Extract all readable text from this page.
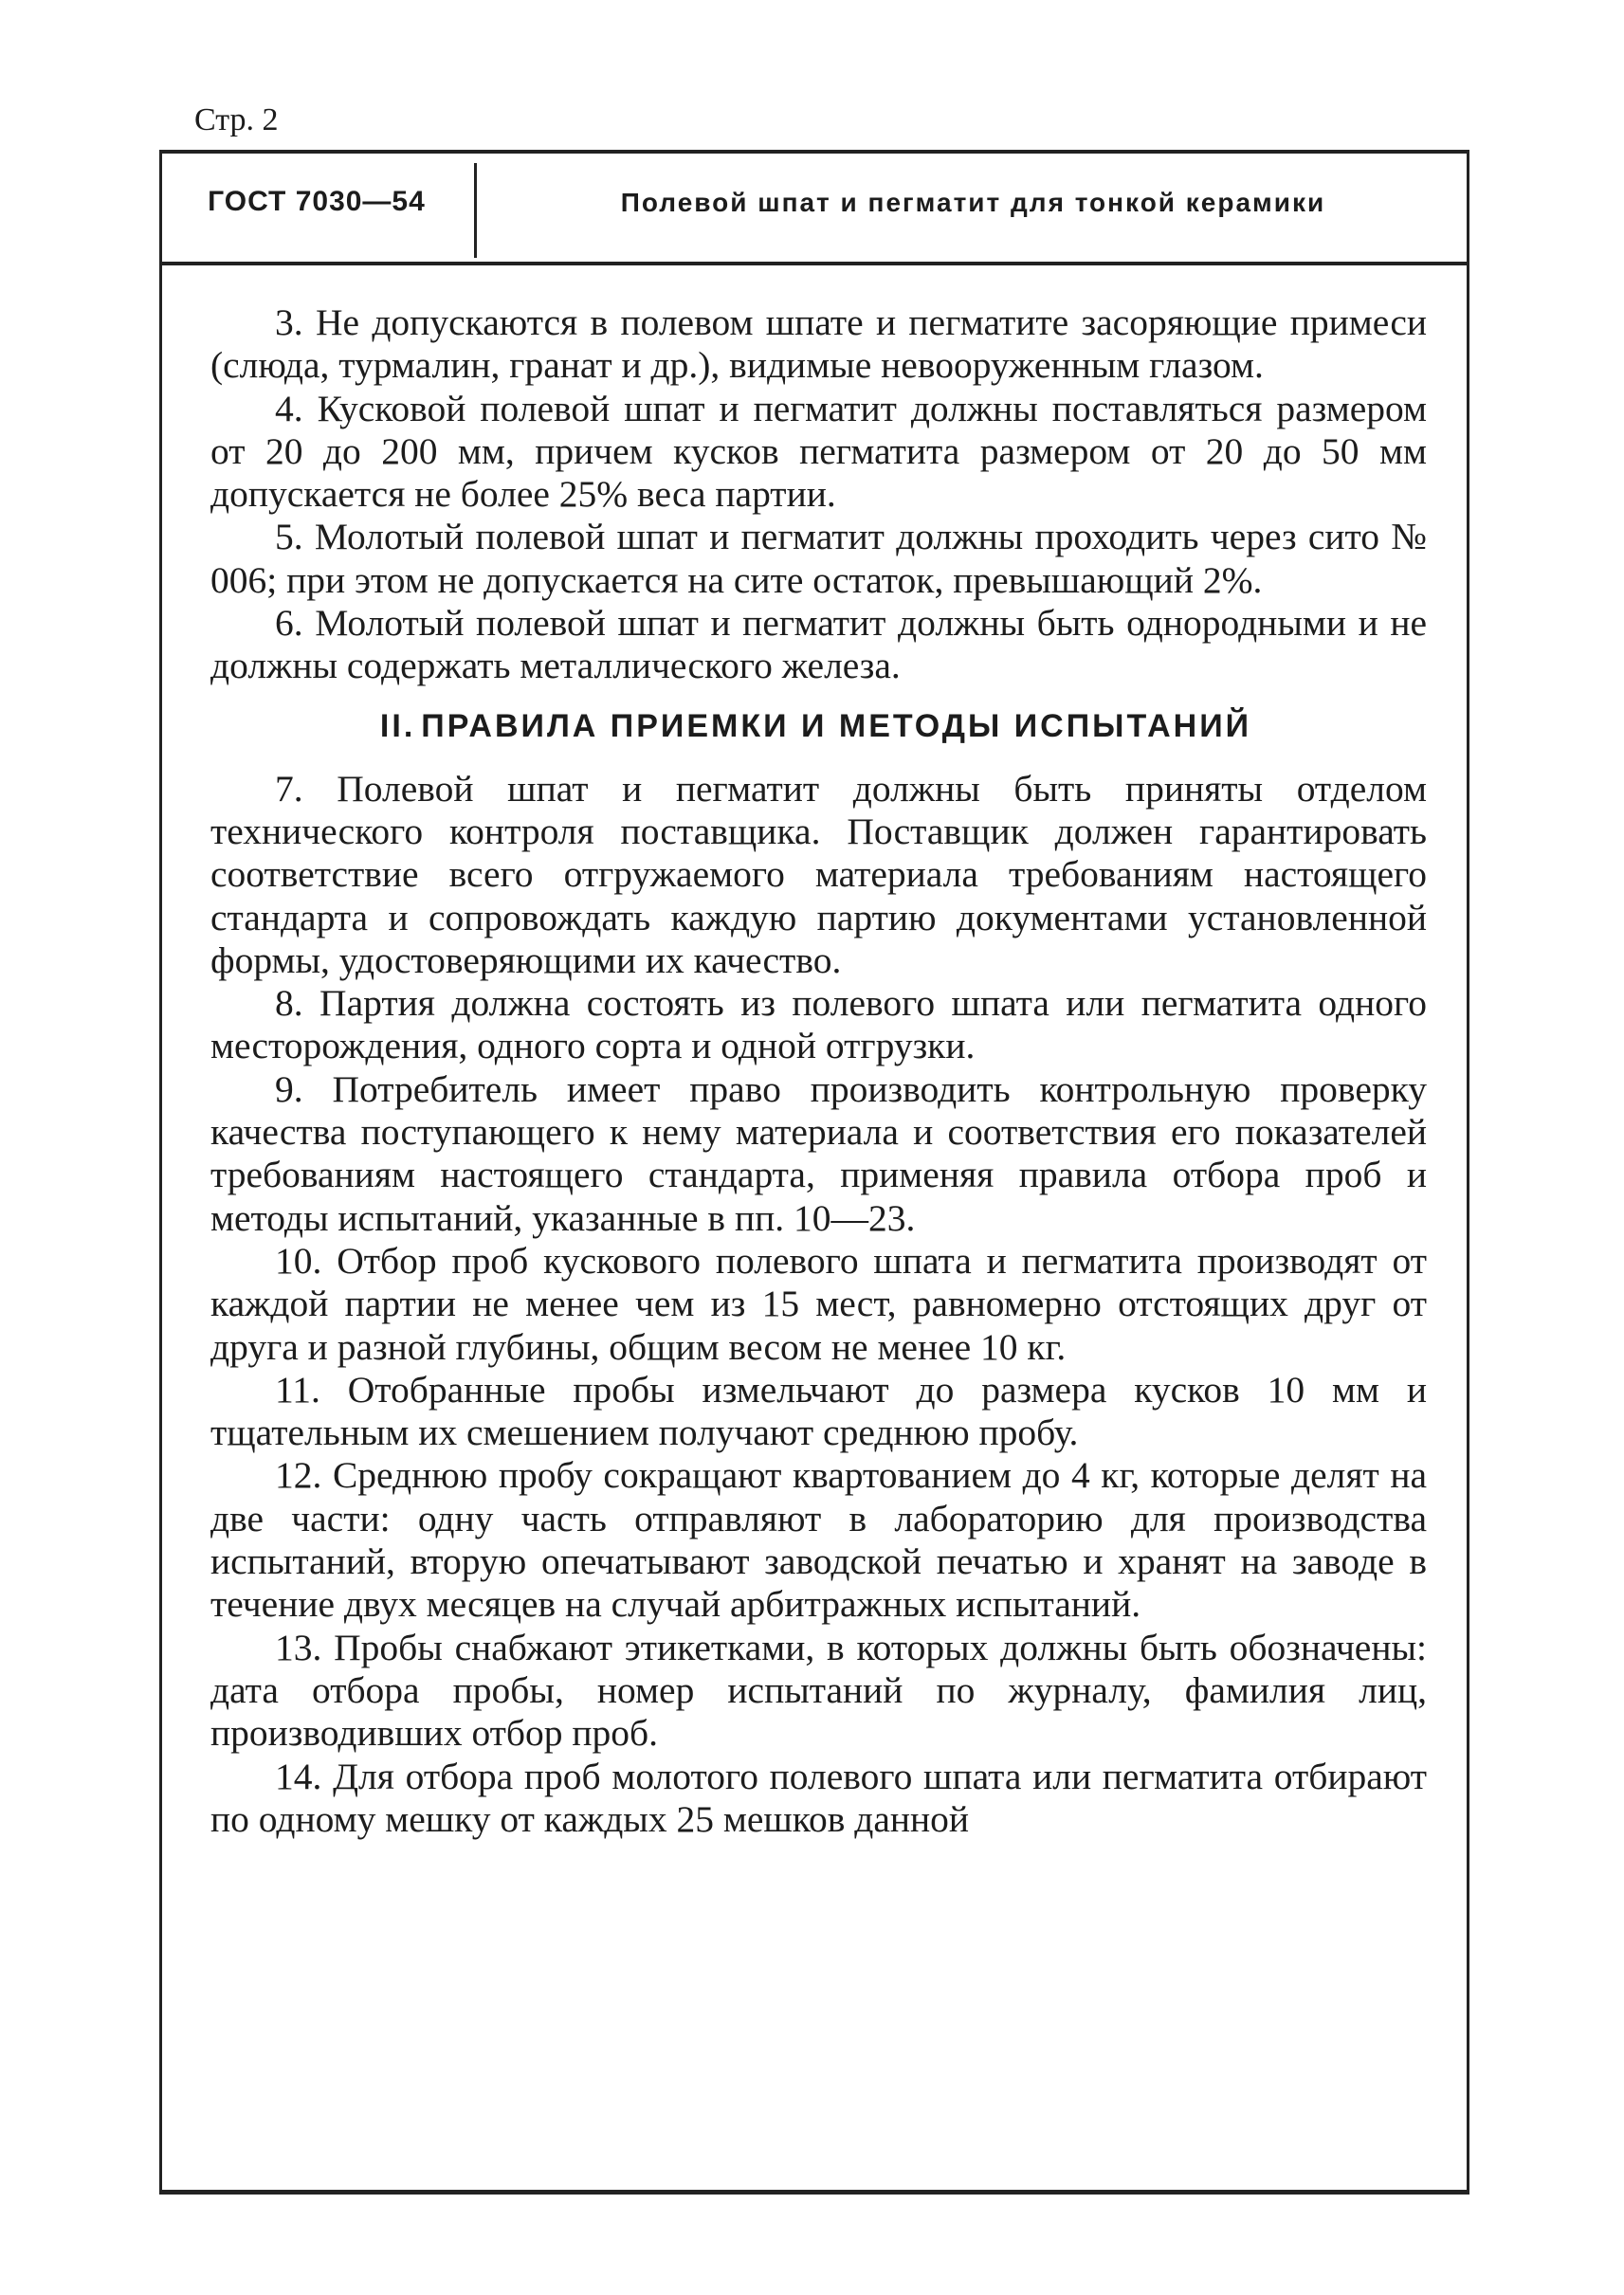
Стр. 2
ГОСТ 7030—54	Полевой шпат и пегматит для тонкой керамики

3. Не допускаются в полевом шпате и пегматите засоряющие примеси (слюда, турмалин, гранат и др.), видимые невооруженным глазом.

4. Кусковой полевой шпат и пегматит должны поставляться размером от 20 до 200 мм, причем кусков пегматита размером от 20 до 50 мм допускается не более 25% веса партии.

5. Молотый полевой шпат и пегматит должны проходить через сито № 006; при этом не допускается на сите остаток, превышающий 2%.

6. Молотый полевой шпат и пегматит должны быть однородными и не должны содержать металлического железа.

II. ПРАВИЛА ПРИЕМКИ И МЕТОДЫ ИСПЫТАНИЙ

7. Полевой шпат и пегматит должны быть приняты отделом технического контроля поставщика. Поставщик должен гарантировать соответствие всего отгружаемого материала требованиям настоящего стандарта и сопровождать каждую партию документами установленной формы, удостоверяющими их качество.

8. Партия должна состоять из полевого шпата или пегматита одного месторождения, одного сорта и одной отгрузки.

9. Потребитель имеет право производить контрольную проверку качества поступающего к нему материала и соответствия его показателей требованиям настоящего стандарта, применяя правила отбора проб и методы испытаний, указанные в пп. 10—23.

10. Отбор проб кускового полевого шпата и пегматита производят от каждой партии не менее чем из 15 мест, равномерно отстоящих друг от друга и разной глубины, общим весом не менее 10 кг.

11. Отобранные пробы измельчают до размера кусков 10 мм и тщательным их смешением получают среднюю пробу.

12. Среднюю пробу сокращают квартованием до 4 кг, которые делят на две части: одну часть отправляют в лабораторию для производства испытаний, вторую опечатывают заводской печатью и хранят на заводе в течение двух месяцев на случай арбитражных испытаний.

13. Пробы снабжают этикетками, в которых должны быть обозначены: дата отбора пробы, номер испытаний по журналу, фамилия лиц, производивших отбор проб.

14. Для отбора проб молотого полевого шпата или пегматита отбирают по одному мешку от каждых 25 мешков данной
